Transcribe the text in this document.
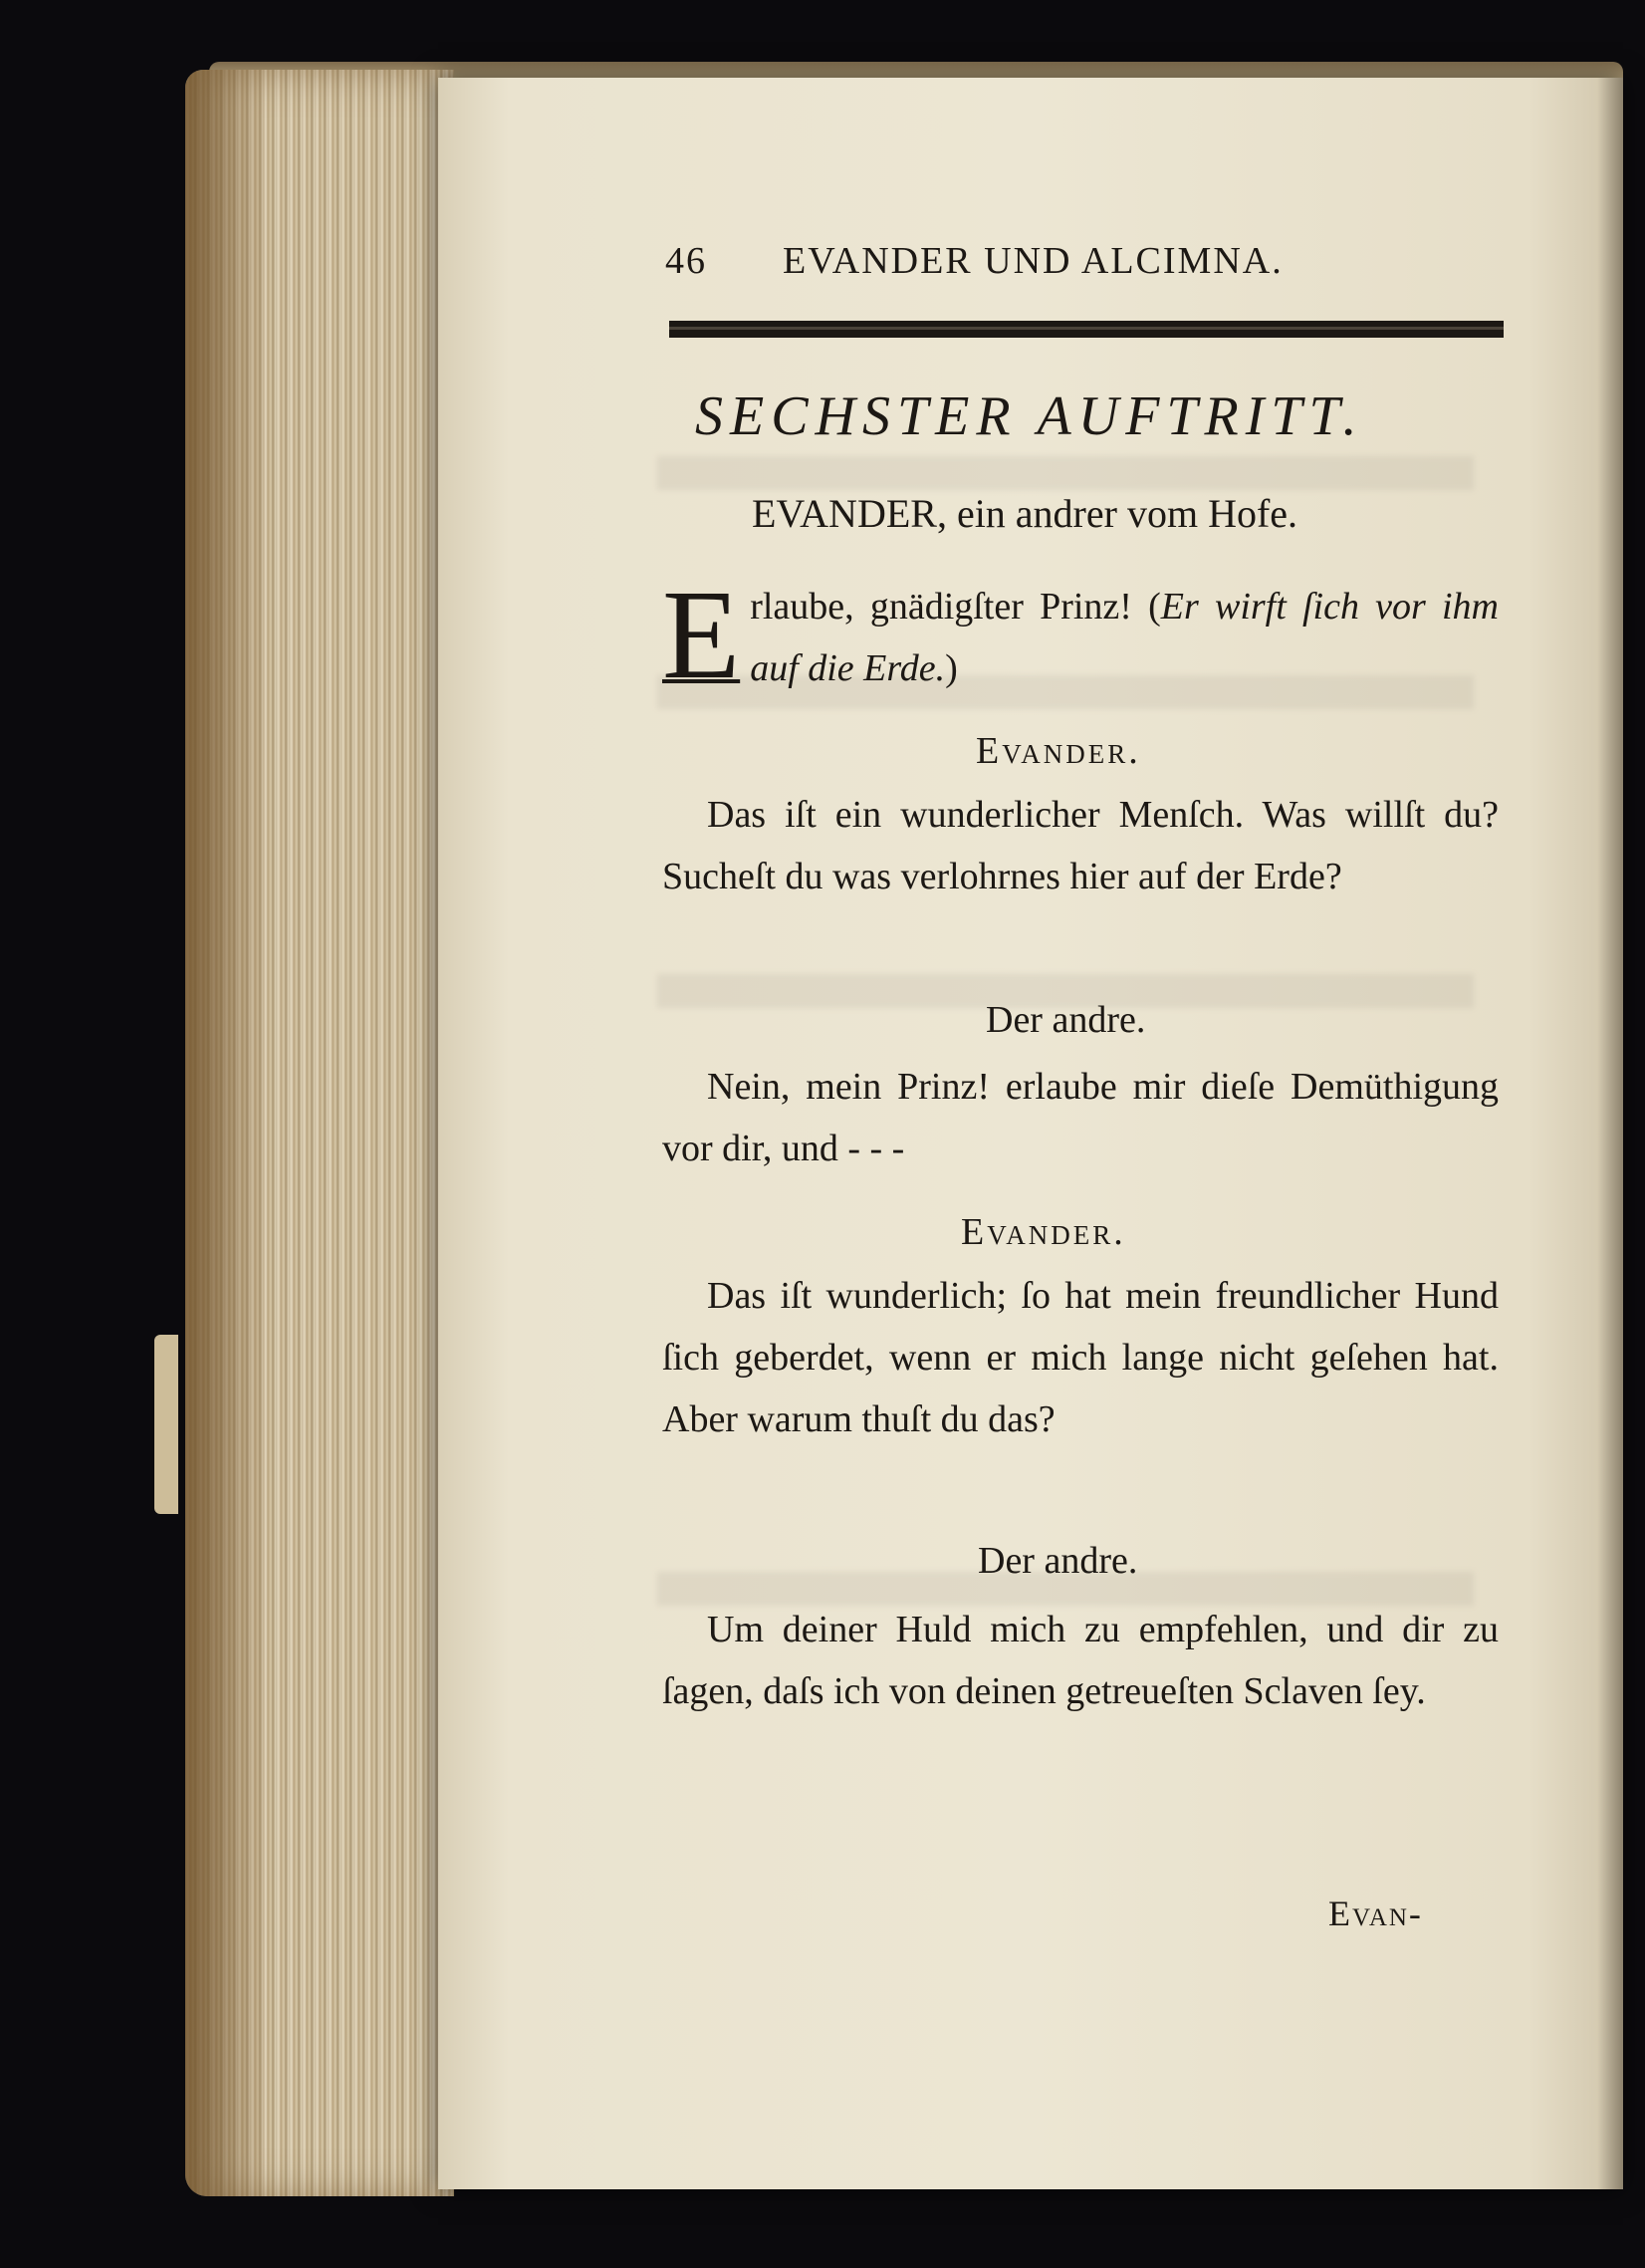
46 EVANDER UND ALCIMNA.
SECHSTER AUFTRITT.
EVANDER, ein andrer vom Hofe.
Erlaube, gnädigſter Prinz! (Er wirft ſich vor ihm auf die Erde.)
Evander.
Das iſt ein wunderlicher Menſch. Was willſt du? Sucheſt du was verlohrnes hier auf der Erde?
Der andre.
Nein, mein Prinz! erlaube mir dieſe Demüthigung vor dir, und - - -
Evander.
Das iſt wunderlich; ſo hat mein freundlicher Hund ſich geberdet, wenn er mich lange nicht geſehen hat. Aber warum thuſt du das?
Der andre.
Um deiner Huld mich zu empfehlen, und dir zu ſagen, daſs ich von deinen getreueſten Sclaven ſey.
Evan-
